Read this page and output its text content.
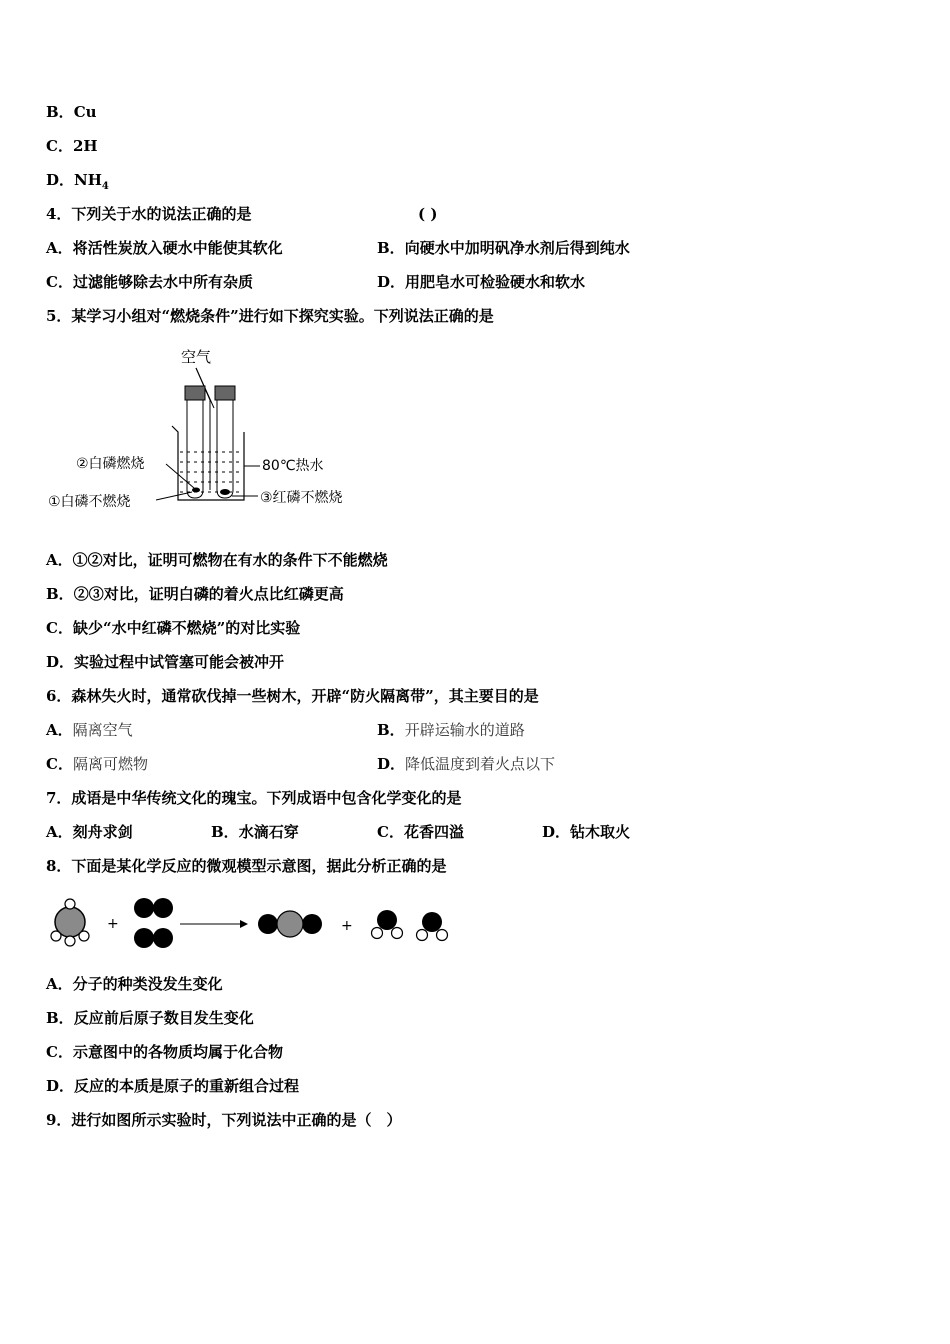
B．Cu
C．2H
D．$NH_4$
4．下列关于水的说法正确的是	( )
A．将活性炭放入硬水中能使其软化	B．向硬水中加明矾净水剂后得到纯水
C．过滤能够除去水中所有杂质	D．用肥皂水可检验硬水和软水
5．某学习小组对“燃烧条件”进行如下探究实验。下列说法正确的是
空气
②白磷燃烧	80℃热水
①白磷不燃烧	③红磷不燃烧
A．①②对比，证明可燃物在有水的条件下不能燃烧
B．②③对比，证明白磷的着火点比红磷更高
C．缺少“水中红磷不燃烧”的对比实验
D．实验过程中试管塞可能会被冲开
6．森林失火时，通常砍伐掉一些树木，开辟“防火隔离带”，其主要目的是
A．隔离空气	B．开辟运输水的道路
C．隔离可燃物	D．降低温度到着火点以下
7．成语是中华传统文化的瑰宝。下列成语中包含化学变化的是
A．刻舟求剑	B．水滴石穿	C．花香四溢	D．钻木取火
8．下面是某化学反应的微观模型示意图，据此分析正确的是
+	+
A．分子的种类没发生变化
B．反应前后原子数目发生变化
C．示意图中的各物质均属于化合物
D．反应的本质是原子的重新组合过程
9．进行如图所示实验时，下列说法中正确的是（　）
